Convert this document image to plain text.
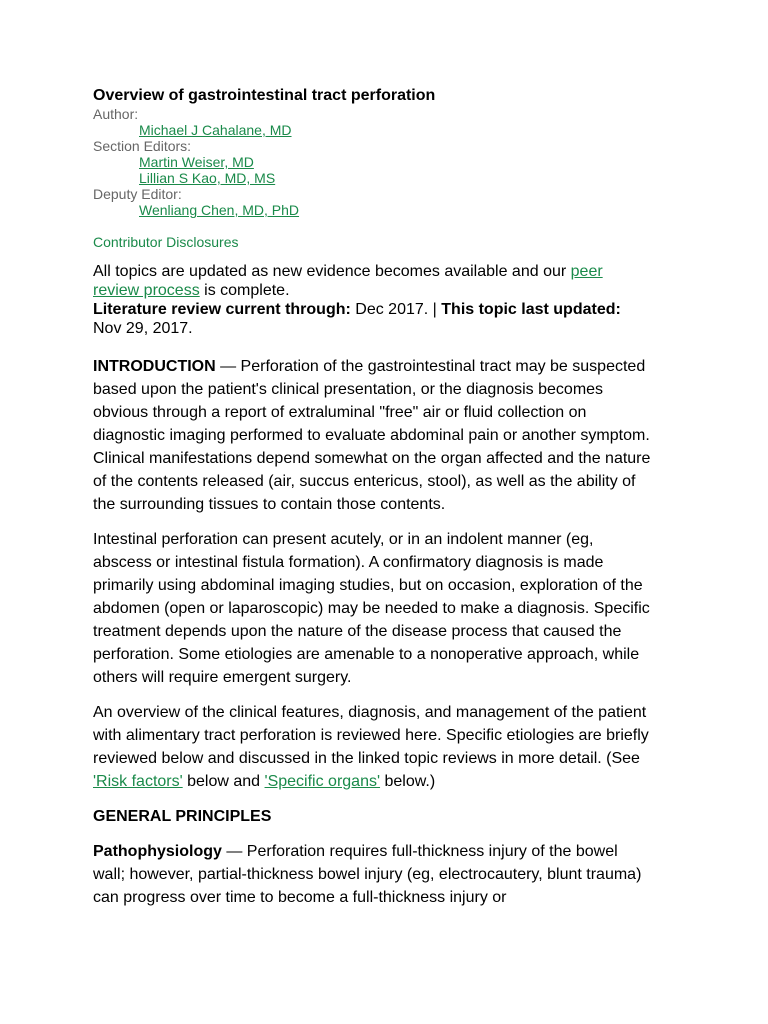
Overview of gastrointestinal tract perforation
Author:
Michael J Cahalane, MD
Section Editors:
Martin Weiser, MD
Lillian S Kao, MD, MS
Deputy Editor:
Wenliang Chen, MD, PhD
Contributor Disclosures
All topics are updated as new evidence becomes available and our peer review process is complete.
Literature review current through: Dec 2017. | This topic last updated: Nov 29, 2017.

INTRODUCTION — Perforation of the gastrointestinal tract may be suspected based upon the patient's clinical presentation, or the diagnosis becomes obvious through a report of extraluminal "free" air or fluid collection on diagnostic imaging performed to evaluate abdominal pain or another symptom. Clinical manifestations depend somewhat on the organ affected and the nature of the contents released (air, succus entericus, stool), as well as the ability of the surrounding tissues to contain those contents.

Intestinal perforation can present acutely, or in an indolent manner (eg, abscess or intestinal fistula formation). A confirmatory diagnosis is made primarily using abdominal imaging studies, but on occasion, exploration of the abdomen (open or laparoscopic) may be needed to make a diagnosis. Specific treatment depends upon the nature of the disease process that caused the perforation. Some etiologies are amenable to a nonoperative approach, while others will require emergent surgery.

An overview of the clinical features, diagnosis, and management of the patient with alimentary tract perforation is reviewed here. Specific etiologies are briefly reviewed below and discussed in the linked topic reviews in more detail. (See 'Risk factors' below and 'Specific organs' below.)

GENERAL PRINCIPLES

Pathophysiology — Perforation requires full-thickness injury of the bowel wall; however, partial-thickness bowel injury (eg, electrocautery, blunt trauma) can progress over time to become a full-thickness injury or
